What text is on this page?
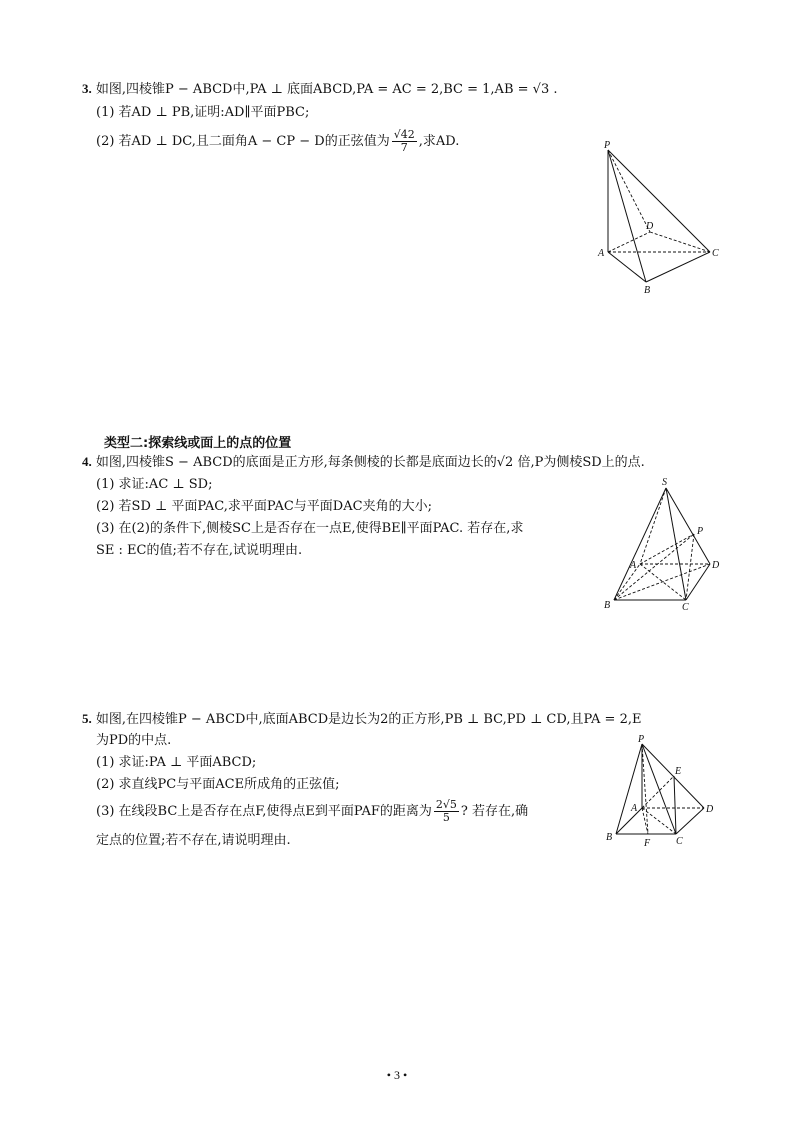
3. 如图,四棱锥P − ABCD中,PA ⊥ 底面ABCD,PA = AC = 2,BC = 1,AB = √3 .
(1) 若AD ⊥ PB,证明:AD∥平面PBC;
(2) 若AD ⊥ DC,且二面角A − CP − D的正弦值为 $\frac{√42}{7}$ ,求AD.	P
A
B
C
D
类型二:探索线或面上的点的位置
4. 如图,四棱锥S − ABCD的底面是正方形,每条侧棱的长都是底面边长的√2 倍,P为侧棱SD上的点.
(1) 求证:AC ⊥ SD;
(2) 若SD ⊥ 平面PAC,求平面PAC与平面DAC夹角的大小;
(3) 在(2)的条件下,侧棱SC上是否存在一点E,使得BE∥平面PAC. 若存在,求
SE : EC的值;若不存在,试说明理由.
S
A
B	C
D
P
5. 如图,在四棱锥P − ABCD中,底面ABCD是边长为2的正方形,PB ⊥ BC,PD ⊥ CD,且PA = 2,E
为PD的中点.
(1) 求证:PA ⊥ 平面ABCD;
(2) 求直线PC与平面ACE所成角的正弦值;
(3) 在线段BC上是否存在点F,使得点E到平面PAF的距离为 $\frac{2√5}{5}$ ? 若存在,确
定点的位置;若不存在,请说明理由.
P
A
B	C
D
E
F
• 3 •
